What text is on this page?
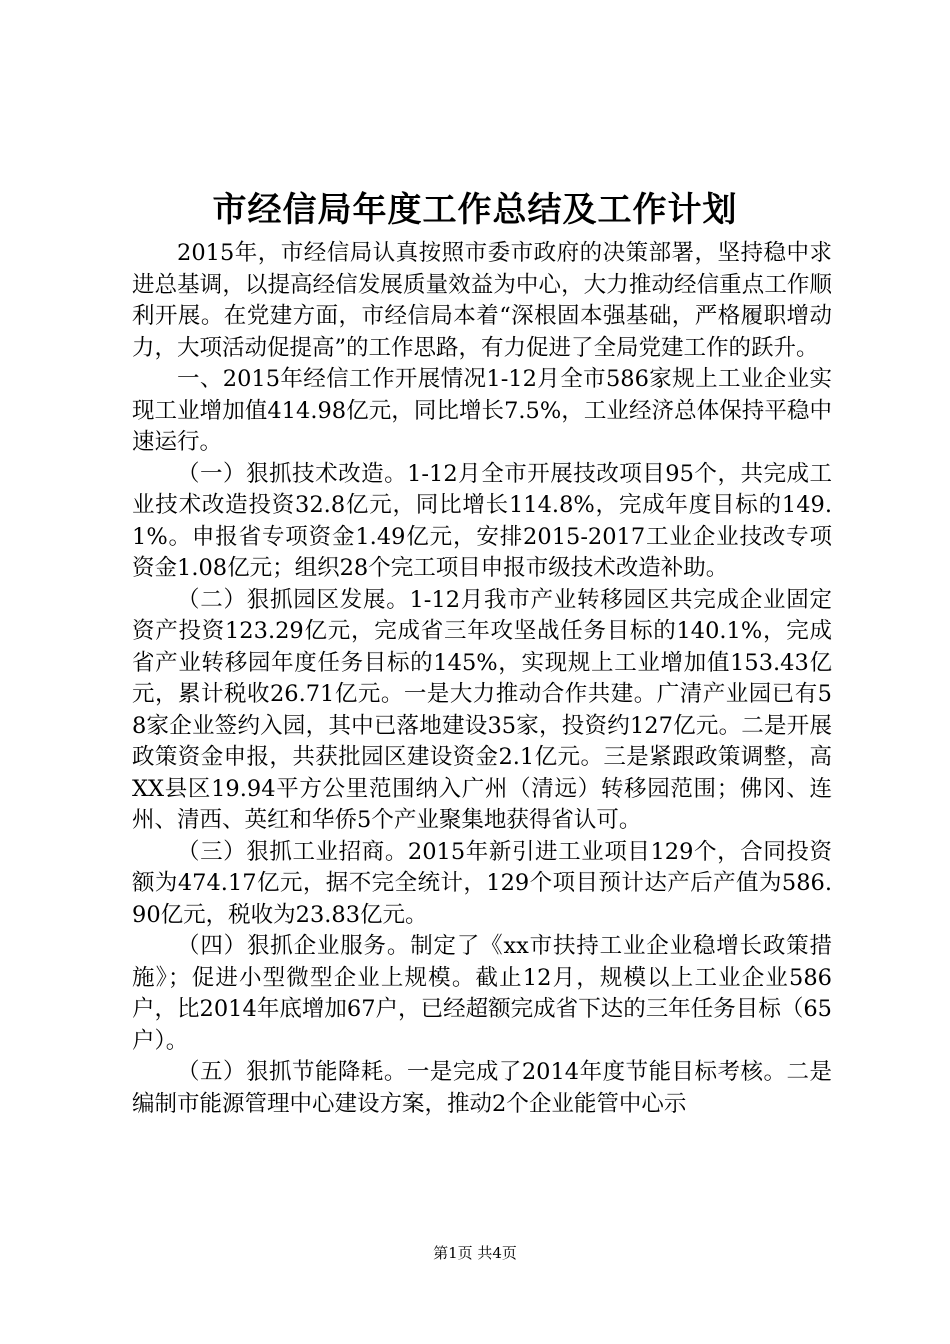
市经信局年度工作总结及工作计划

2015年，市经信局认真按照市委市政府的决策部署，坚持稳中求进总基调，以提高经信发展质量效益为中心，大力推动经信重点工作顺利开展。在党建方面，市经信局本着“深根固本强基础，严格履职增动力，大项活动促提高”的工作思路，有力促进了全局党建工作的跃升。

一、2015年经信工作开展情况1-12月全市586家规上工业企业实现工业增加值414.98亿元，同比增长7.5%，工业经济总体保持平稳中速运行。

（一）狠抓技术改造。1-12月全市开展技改项目95个，共完成工业技术改造投资32.8亿元，同比增长114.8%，完成年度目标的149.1%。申报省专项资金1.49亿元，安排2015-2017工业企业技改专项资金1.08亿元；组织28个完工项目申报市级技术改造补助。

（二）狠抓园区发展。1-12月我市产业转移园区共完成企业固定资产投资123.29亿元，完成省三年攻坚战任务目标的140.1%，完成省产业转移园年度任务目标的145%，实现规上工业增加值153.43亿元，累计税收26.71亿元。一是大力推动合作共建。广清产业园已有58家企业签约入园，其中已落地建设35家，投资约127亿元。二是开展政策资金申报，共获批园区建设资金2.1亿元。三是紧跟政策调整，高XX县区19.94平方公里范围纳入广州（清远）转移园范围；佛冈、连州、清西、英红和华侨5个产业聚集地获得省认可。

（三）狠抓工业招商。2015年新引进工业项目129个，合同投资额为474.17亿元，据不完全统计，129个项目预计达产后产值为586.90亿元，税收为23.83亿元。

（四）狠抓企业服务。制定了《xx市扶持工业企业稳增长政策措施》；促进小型微型企业上规模。截止12月，规模以上工业企业586户，比2014年底增加67户，已经超额完成省下达的三年任务目标（65户）。

（五）狠抓节能降耗。一是完成了2014年度节能目标考核。二是编制市能源管理中心建设方案，推动2个企业能管中心示

第1页 共4页
